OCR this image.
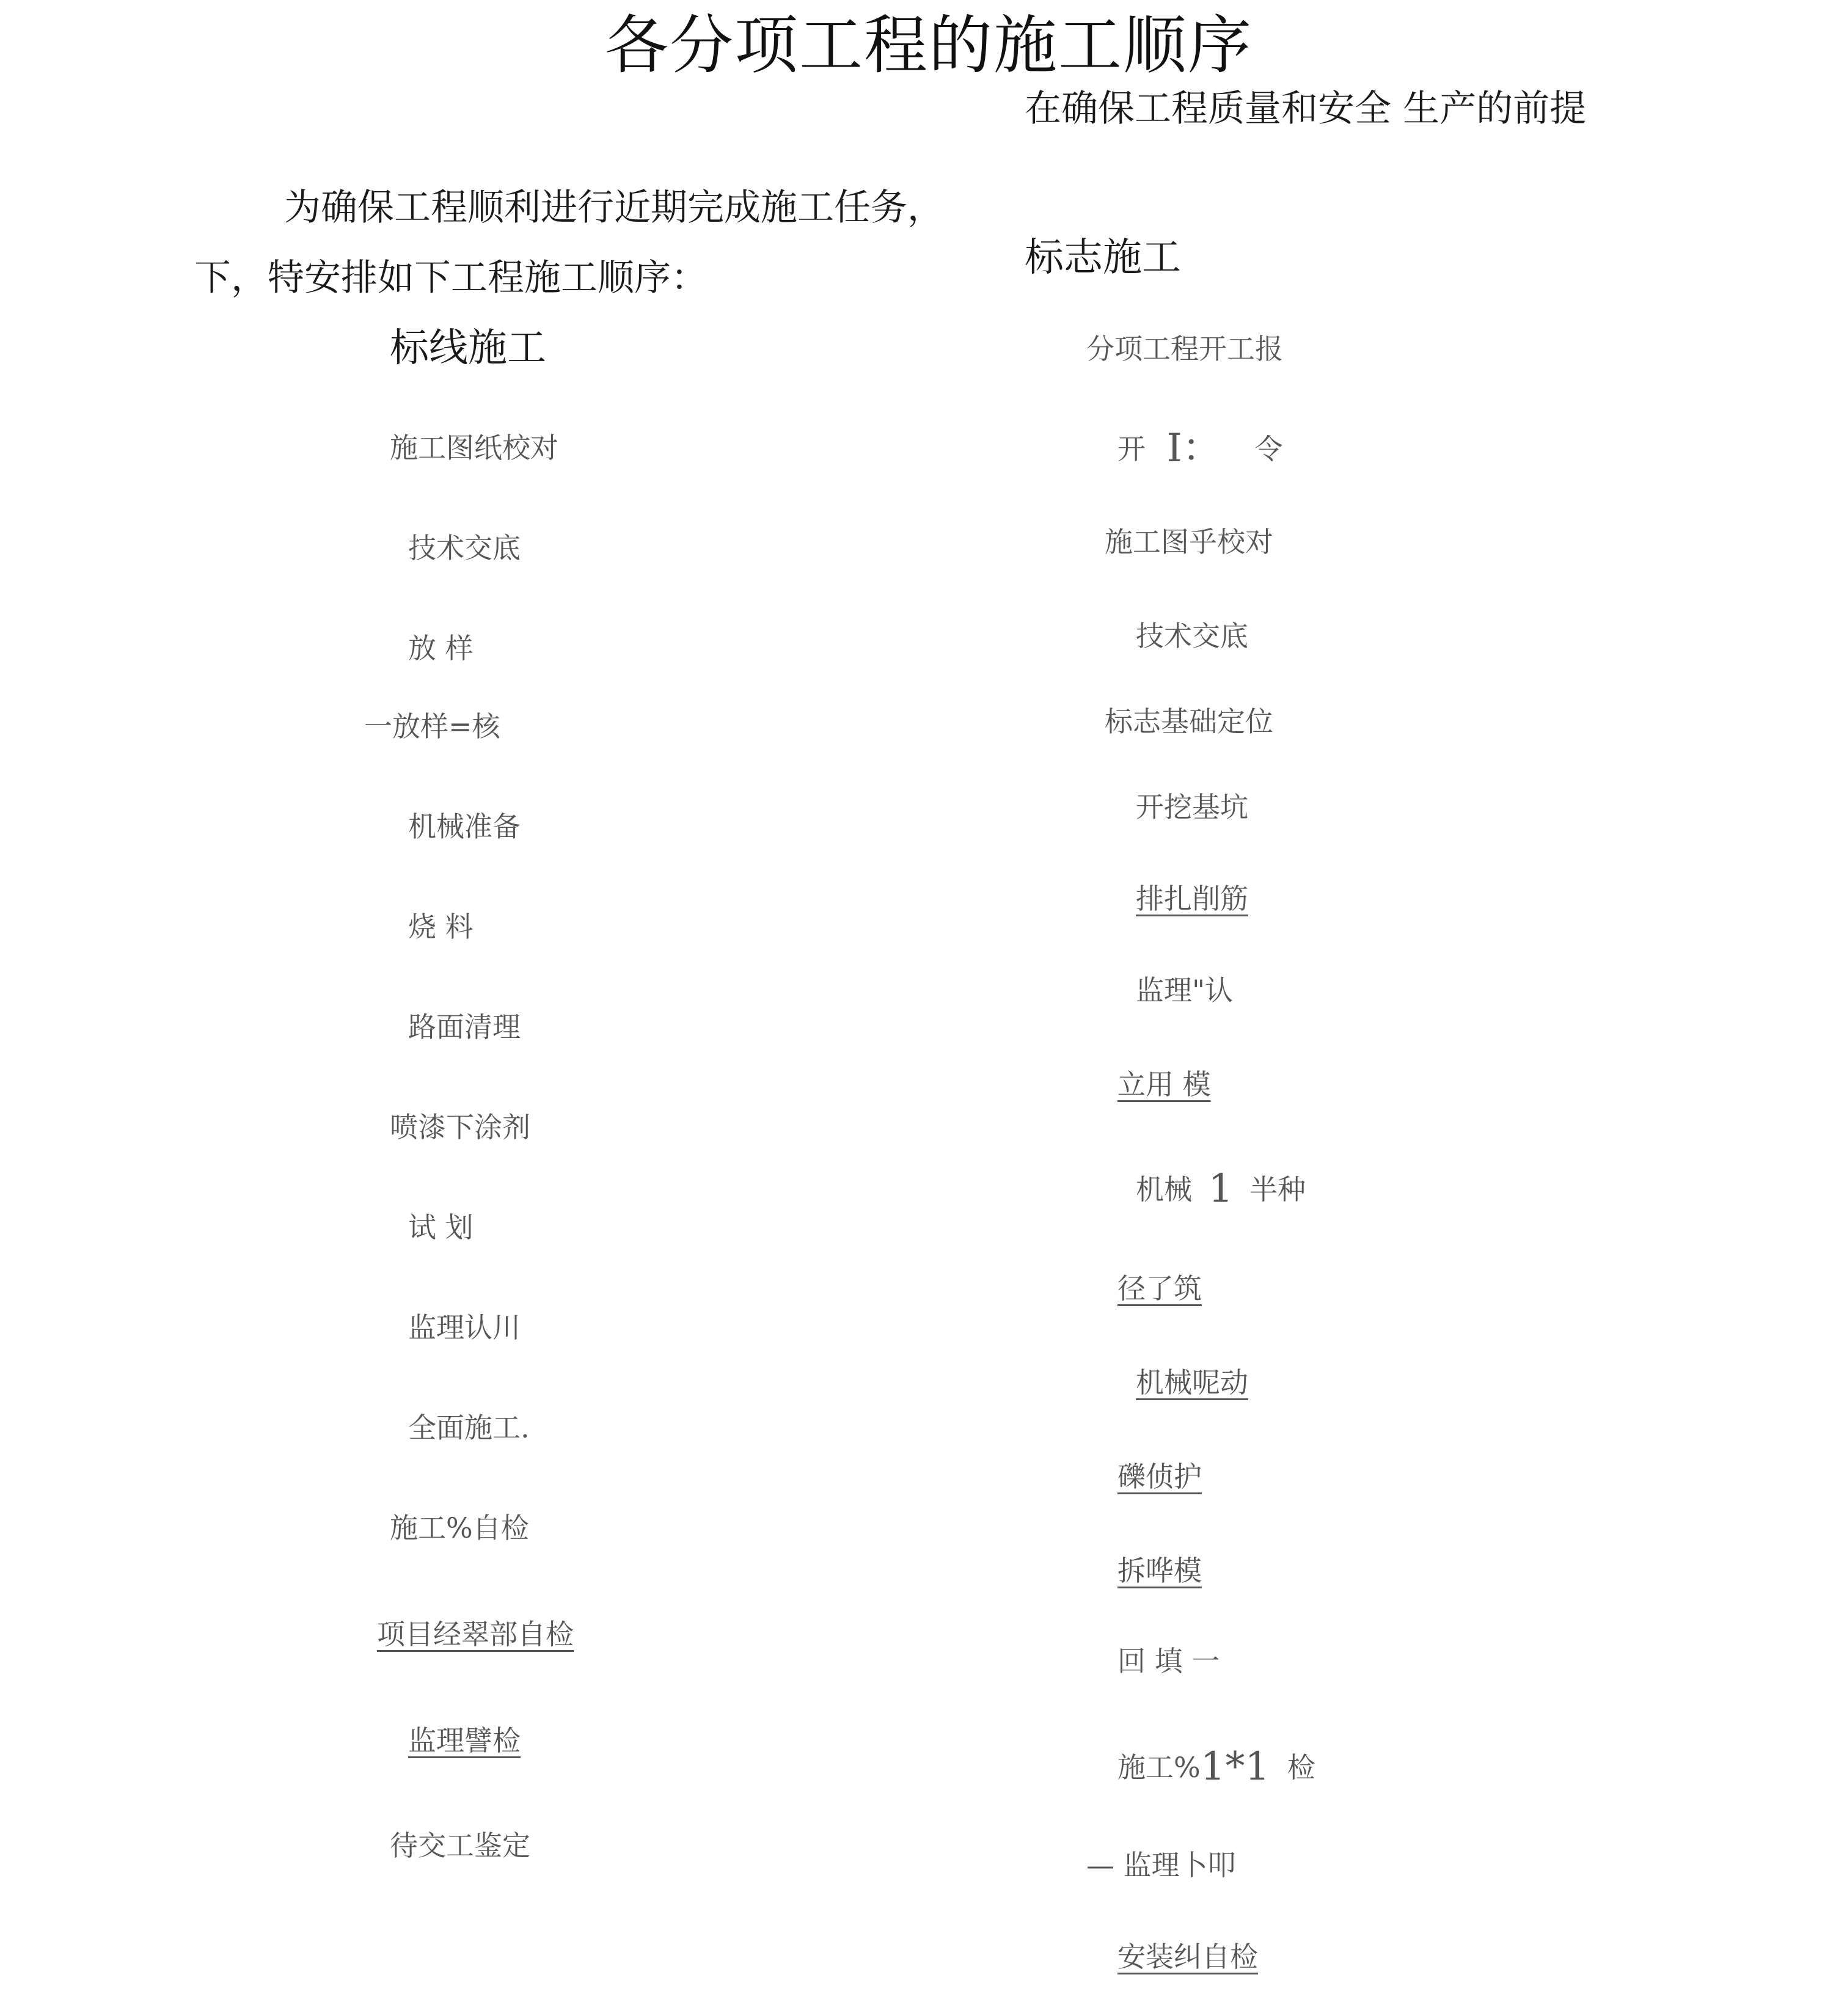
各分项工程的施工顺序
在确保工程质量和安全 生产的前提
为确保工程顺利进行近期完成施工任务，
下，特安排如下工程施工顺序：
标线施工
施工图纸校对
技术交底
放 样
一放样=核
机械准备
烧 料
路面清理
喷漆下涂剂
试 划
监理认川
全面施工.
施工%自检
项目经翠部自检
监理譬检
待交工鉴定
标志施工
分项工程开工报
开 I： 令
施工图乎校对
技术交底
标志基础定位
开挖基坑
排扎削筋
监理"认
立用 模
机械 1 半种
径了筑
机械呢动
礫侦护
拆哗模
回 填 一
施工%1*1 检
— 监理卜叩
安装纠自检
